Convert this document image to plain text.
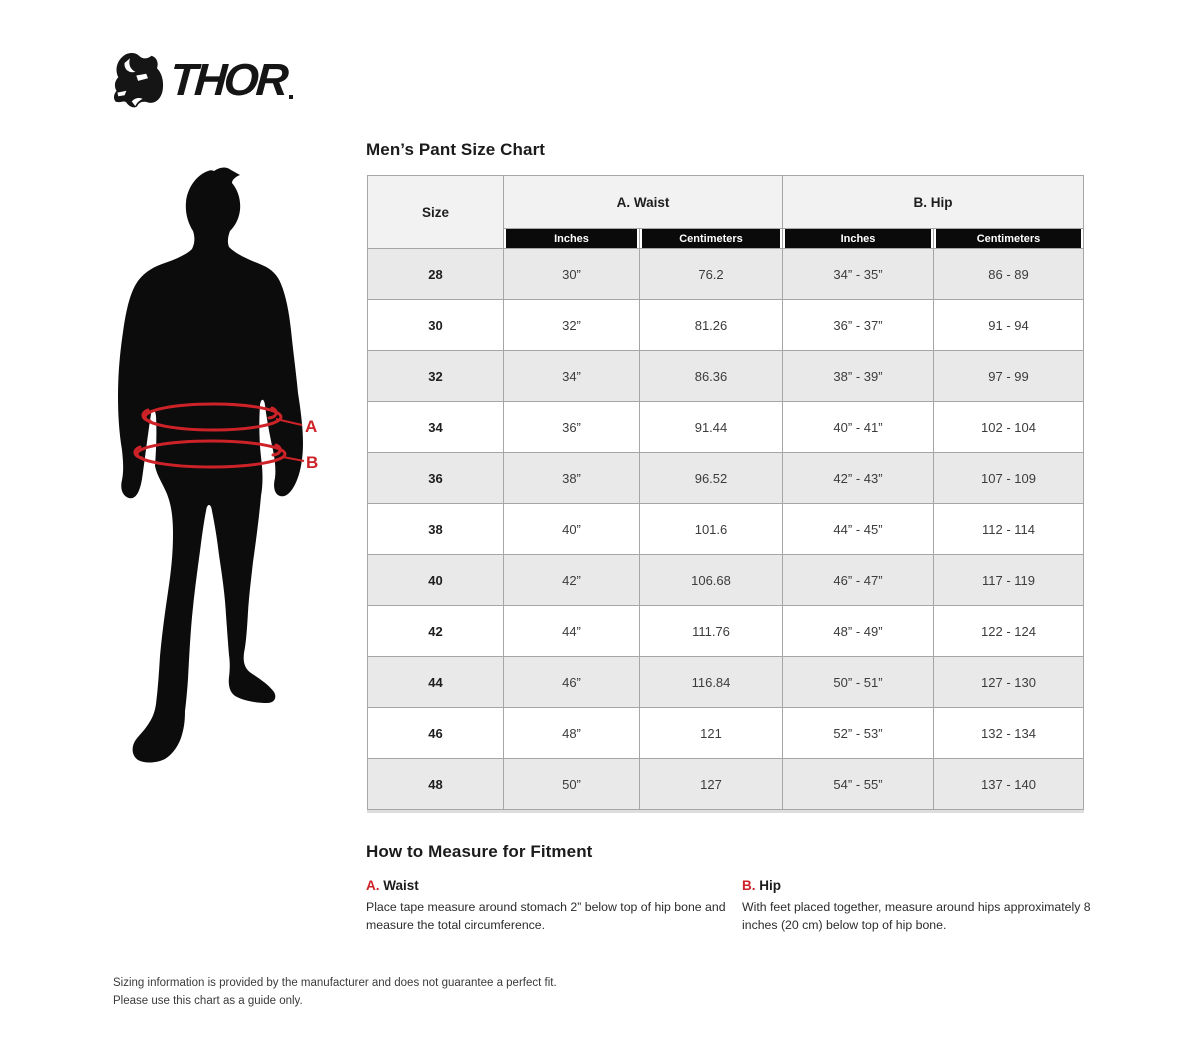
THOR
Men’s Pant Size Chart
A
B
Size	A. Waist		B. Hip	
	Inches	Centimeters	Inches	Centimeters
28	30”	76.2	34” - 35”	86 - 89
30	32”	81.26	36” - 37”	91 - 94
32	34”	86.36	38” - 39”	97 - 99
34	36”	91.44	40” - 41”	102 - 104
36	38”	96.52	42” - 43”	107 - 109
38	40”	101.6	44” - 45”	112 - 114
40	42”	106.68	46” - 47”	117 - 119
42	44”	111.76	48” - 49”	122 - 124
44	46”	116.84	50” - 51”	127 - 130
46	48”	121	52” - 53”	132 - 134
48	50”	127	54” - 55”	137 - 140
How to Measure for Fitment
A. Waist
Place tape measure around stomach 2” below top of hip bone and
measure the total circumference.
B. Hip
With feet placed together, measure around hips approximately 8
inches (20 cm) below top of hip bone.
Sizing information is provided by the manufacturer and does not guarantee a perfect fit.
Please use this chart as a guide only.
